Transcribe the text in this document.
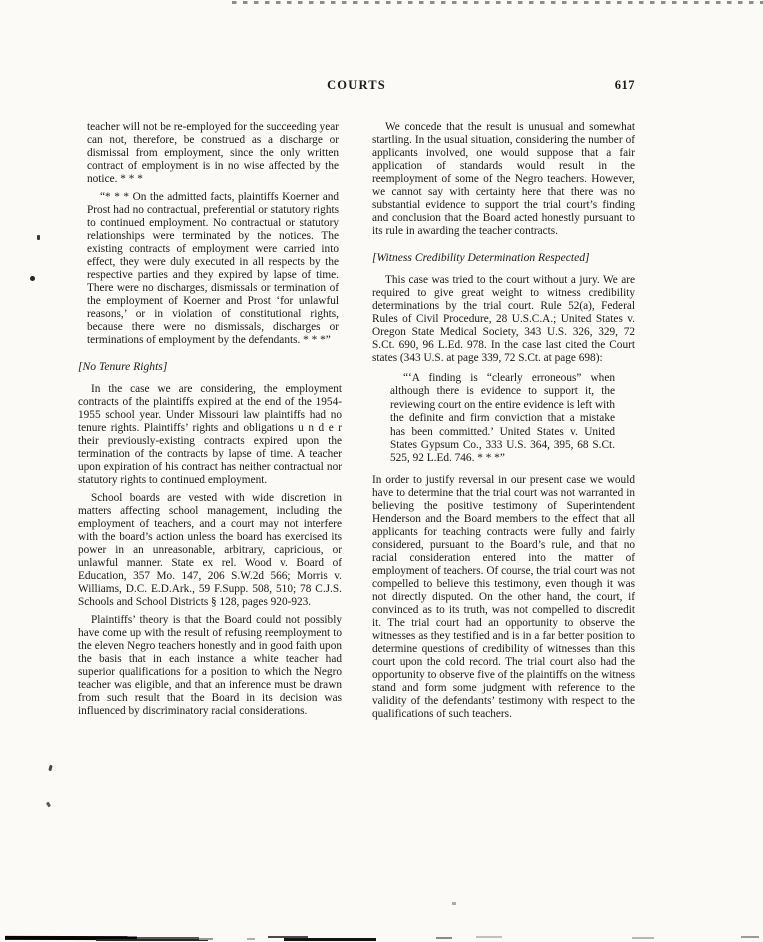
COURTS	617

teacher will not be re-employed for the succeeding year can not, therefore, be construed as a discharge or dismissal from employment, since the only written contract of employment is in no wise affected by the notice. * * *

“* * * On the admitted facts, plaintiffs Koerner and Prost had no contractual, preferential or statutory rights to continued employment. No contractual or statutory relationships were terminated by the notices. The existing contracts of employment were carried into effect, they were duly executed in all respects by the respective parties and they expired by lapse of time. There were no discharges, dismissals or termination of the employment of Koerner and Prost ‘for unlawful reasons,’ or in violation of constitutional rights, because there were no dismissals, discharges or terminations of employment by the defendants. * * *”

[No Tenure Rights]

In the case we are considering, the employment contracts of the plaintiffs expired at the end of the 1954-1955 school year. Under Missouri law plaintiffs had no tenure rights. Plaintiffs’ rights and obligations u n d e r their previously-existing contracts expired upon the termination of the contracts by lapse of time. A teacher upon expiration of his contract has neither contractual nor statutory rights to continued employment.

School boards are vested with wide discretion in matters affecting school management, including the employment of teachers, and a court may not interfere with the board’s action unless the board has exercised its power in an unreasonable, arbitrary, capricious, or unlawful manner. State ex rel. Wood v. Board of Education, 357 Mo. 147, 206 S.W.2d 566; Morris v. Williams, D.C. E.D.Ark., 59 F.Supp. 508, 510; 78 C.J.S. Schools and School Districts § 128, pages 920-923.

Plaintiffs’ theory is that the Board could not possibly have come up with the result of refusing reemployment to the eleven Negro teachers honestly and in good faith upon the basis that in each instance a white teacher had superior qualifications for a position to which the Negro teacher was eligible, and that an inference must be drawn from such result that the Board in its decision was influenced by discriminatory racial considerations.

We concede that the result is unusual and somewhat startling. In the usual situation, considering the number of applicants involved, one would suppose that a fair application of standards would result in the reemployment of some of the Negro teachers. However, we cannot say with certainty here that there was no substantial evidence to support the trial court’s finding and conclusion that the Board acted honestly pursuant to its rule in awarding the teacher contracts.

[Witness Credibility Determination Respected]

This case was tried to the court without a jury. We are required to give great weight to witness credibility determinations by the trial court. Rule 52(a), Federal Rules of Civil Procedure, 28 U.S.C.A.; United States v. Oregon State Medical Society, 343 U.S. 326, 329, 72 S.Ct. 690, 96 L.Ed. 978. In the case last cited the Court states (343 U.S. at page 339, 72 S.Ct. at page 698):

“‘A finding is “clearly erroneous” when although there is evidence to support it, the reviewing court on the entire evidence is left with the definite and firm conviction that a mistake has been committed.’ United States v. United States Gypsum Co., 333 U.S. 364, 395, 68 S.Ct. 525, 92 L.Ed. 746. * * *”

In order to justify reversal in our present case we would have to determine that the trial court was not warranted in believing the positive testimony of Superintendent Henderson and the Board members to the effect that all applicants for teaching contracts were fully and fairly considered, pursuant to the Board’s rule, and that no racial consideration entered into the matter of employment of teachers. Of course, the trial court was not compelled to believe this testimony, even though it was not directly disputed. On the other hand, the court, if convinced as to its truth, was not compelled to discredit it. The trial court had an opportunity to observe the witnesses as they testified and is in a far better position to determine questions of credibility of witnesses than this court upon the cold record. The trial court also had the opportunity to observe five of the plaintiffs on the witness stand and form some judgment with reference to the validity of the defendants’ testimony with respect to the qualifications of such teachers.
